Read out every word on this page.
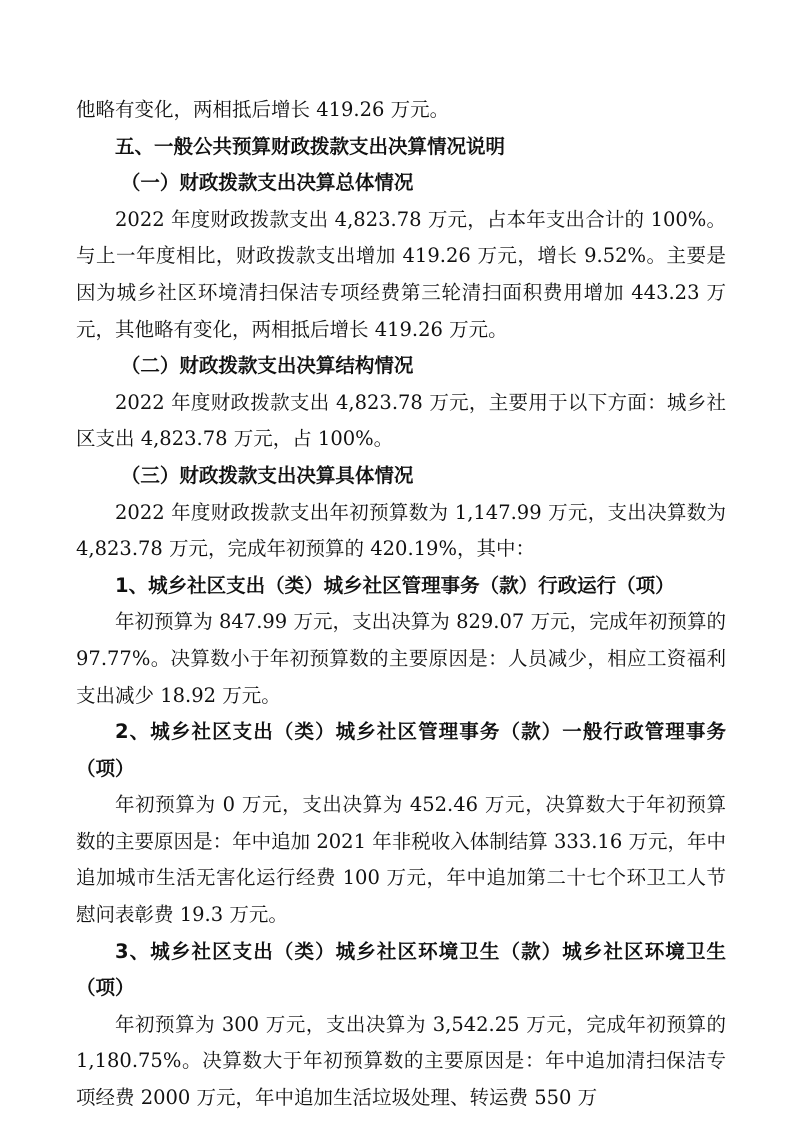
他略有变化，两相抵后增长 419.26 万元。

五、一般公共预算财政拨款支出决算情况说明

（一）财政拨款支出决算总体情况

2022 年度财政拨款支出 4,823.78 万元，占本年支出合计的 100%。与上一年度相比，财政拨款支出增加 419.26 万元，增长 9.52%。主要是因为城乡社区环境清扫保洁专项经费第三轮清扫面积费用增加 443.23 万元，其他略有变化，两相抵后增长 419.26 万元。

（二）财政拨款支出决算结构情况

2022 年度财政拨款支出 4,823.78 万元，主要用于以下方面：城乡社区支出 4,823.78 万元，占 100%。

（三）财政拨款支出决算具体情况

2022 年度财政拨款支出年初预算数为 1,147.99 万元，支出决算数为 4,823.78 万元，完成年初预算的 420.19%，其中：

1、城乡社区支出（类）城乡社区管理事务（款）行政运行（项）

年初预算为 847.99 万元，支出决算为 829.07 万元，完成年初预算的 97.77%。决算数小于年初预算数的主要原因是：人员减少，相应工资福利支出减少 18.92 万元。

2、城乡社区支出（类）城乡社区管理事务（款）一般行政管理事务（项）

年初预算为 0 万元，支出决算为 452.46 万元，决算数大于年初预算数的主要原因是：年中追加 2021 年非税收入体制结算 333.16 万元，年中追加城市生活无害化运行经费 100 万元，年中追加第二十七个环卫工人节慰问表彰费 19.3 万元。

3、城乡社区支出（类）城乡社区环境卫生（款）城乡社区环境卫生（项）

年初预算为 300 万元，支出决算为 3,542.25 万元，完成年初预算的 1,180.75%。决算数大于年初预算数的主要原因是：年中追加清扫保洁专项经费 2000 万元，年中追加生活垃圾处理、转运费 550 万
